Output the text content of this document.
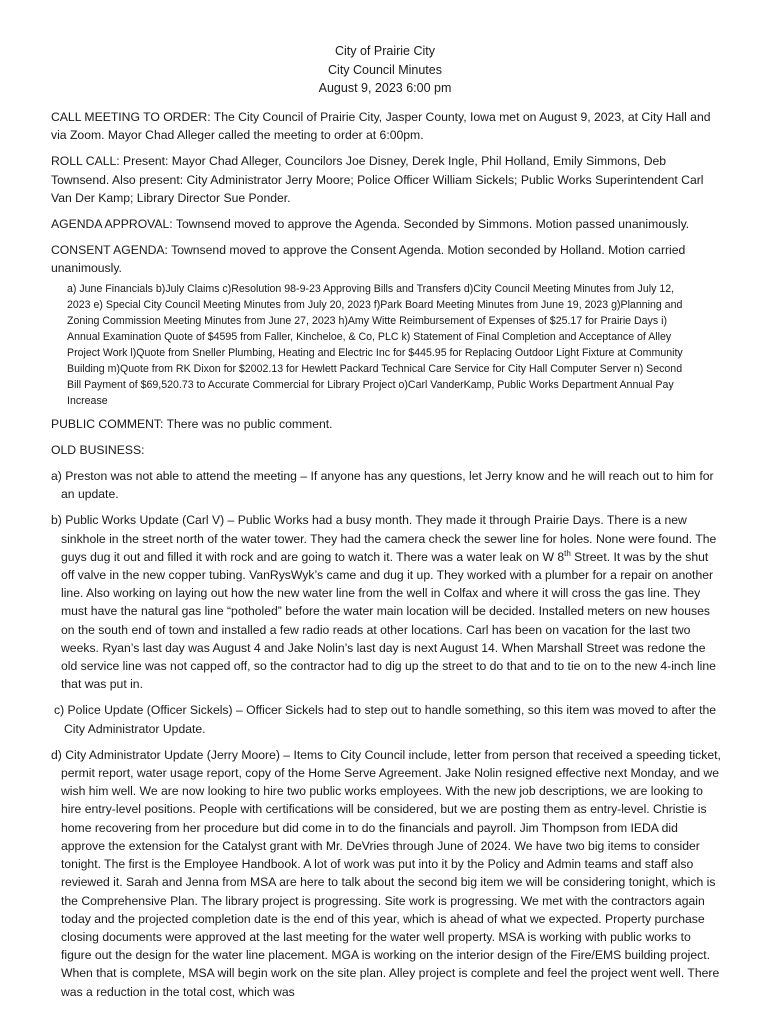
City of Prairie City
City Council Minutes
August 9, 2023 6:00 pm

CALL MEETING TO ORDER: The City Council of Prairie City, Jasper County, Iowa met on August 9, 2023, at City Hall and via Zoom. Mayor Chad Alleger called the meeting to order at 6:00pm.

ROLL CALL: Present: Mayor Chad Alleger, Councilors Joe Disney, Derek Ingle, Phil Holland, Emily Simmons, Deb Townsend. Also present: City Administrator Jerry Moore; Police Officer William Sickels; Public Works Superintendent Carl Van Der Kamp; Library Director Sue Ponder.

AGENDA APPROVAL: Townsend moved to approve the Agenda. Seconded by Simmons. Motion passed unanimously.

CONSENT AGENDA: Townsend moved to approve the Consent Agenda. Motion seconded by Holland. Motion carried unanimously.

a) June Financials b)July Claims c)Resolution 98-9-23 Approving Bills and Transfers d)City Council Meeting Minutes from July 12, 2023 e) Special City Council Meeting Minutes from July 20, 2023 f)Park Board Meeting Minutes from June 19, 2023 g)Planning and Zoning Commission Meeting Minutes from June 27, 2023 h)Amy Witte Reimbursement of Expenses of $25.17 for Prairie Days i) Annual Examination Quote of $4595 from Faller, Kincheloe, & Co, PLC k) Statement of Final Completion and Acceptance of Alley Project Work l)Quote from Sneller Plumbing, Heating and Electric Inc for $445.95 for Replacing Outdoor Light Fixture at Community Building m)Quote from RK Dixon for $2002.13 for Hewlett Packard Technical Care Service for City Hall Computer Server n) Second Bill Payment of $69,520.73 to Accurate Commercial for Library Project o)Carl VanderKamp, Public Works Department Annual Pay Increase

PUBLIC COMMENT: There was no public comment.

OLD BUSINESS:

a) Preston was not able to attend the meeting – If anyone has any questions, let Jerry know and he will reach out to him for an update.

b) Public Works Update (Carl V) – Public Works had a busy month. They made it through Prairie Days. There is a new sinkhole in the street north of the water tower. They had the camera check the sewer line for holes. None were found. The guys dug it out and filled it with rock and are going to watch it. There was a water leak on W 8th Street. It was by the shut off valve in the new copper tubing. VanRysWyk’s came and dug it up. They worked with a plumber for a repair on another line. Also working on laying out how the new water line from the well in Colfax and where it will cross the gas line. They must have the natural gas line “potholed” before the water main location will be decided. Installed meters on new houses on the south end of town and installed a few radio reads at other locations. Carl has been on vacation for the last two weeks. Ryan’s last day was August 4 and Jake Nolin’s last day is next August 14. When Marshall Street was redone the old service line was not capped off, so the contractor had to dig up the street to do that and to tie on to the new 4-inch line that was put in.

c) Police Update (Officer Sickels) – Officer Sickels had to step out to handle something, so this item was moved to after the City Administrator Update.

d) City Administrator Update (Jerry Moore) – Items to City Council include, letter from person that received a speeding ticket, permit report, water usage report, copy of the Home Serve Agreement. Jake Nolin resigned effective next Monday, and we wish him well. We are now looking to hire two public works employees. With the new job descriptions, we are looking to hire entry-level positions. People with certifications will be considered, but we are posting them as entry-level. Christie is home recovering from her procedure but did come in to do the financials and payroll. Jim Thompson from IEDA did approve the extension for the Catalyst grant with Mr. DeVries through June of 2024. We have two big items to consider tonight. The first is the Employee Handbook. A lot of work was put into it by the Policy and Admin teams and staff also reviewed it. Sarah and Jenna from MSA are here to talk about the second big item we will be considering tonight, which is the Comprehensive Plan. The library project is progressing. Site work is progressing. We met with the contractors again today and the projected completion date is the end of this year, which is ahead of what we expected. Property purchase closing documents were approved at the last meeting for the water well property. MSA is working with public works to figure out the design for the water line placement. MGA is working on the interior design of the Fire/EMS building project. When that is complete, MSA will begin work on the site plan. Alley project is complete and feel the project went well. There was a reduction in the total cost, which was
